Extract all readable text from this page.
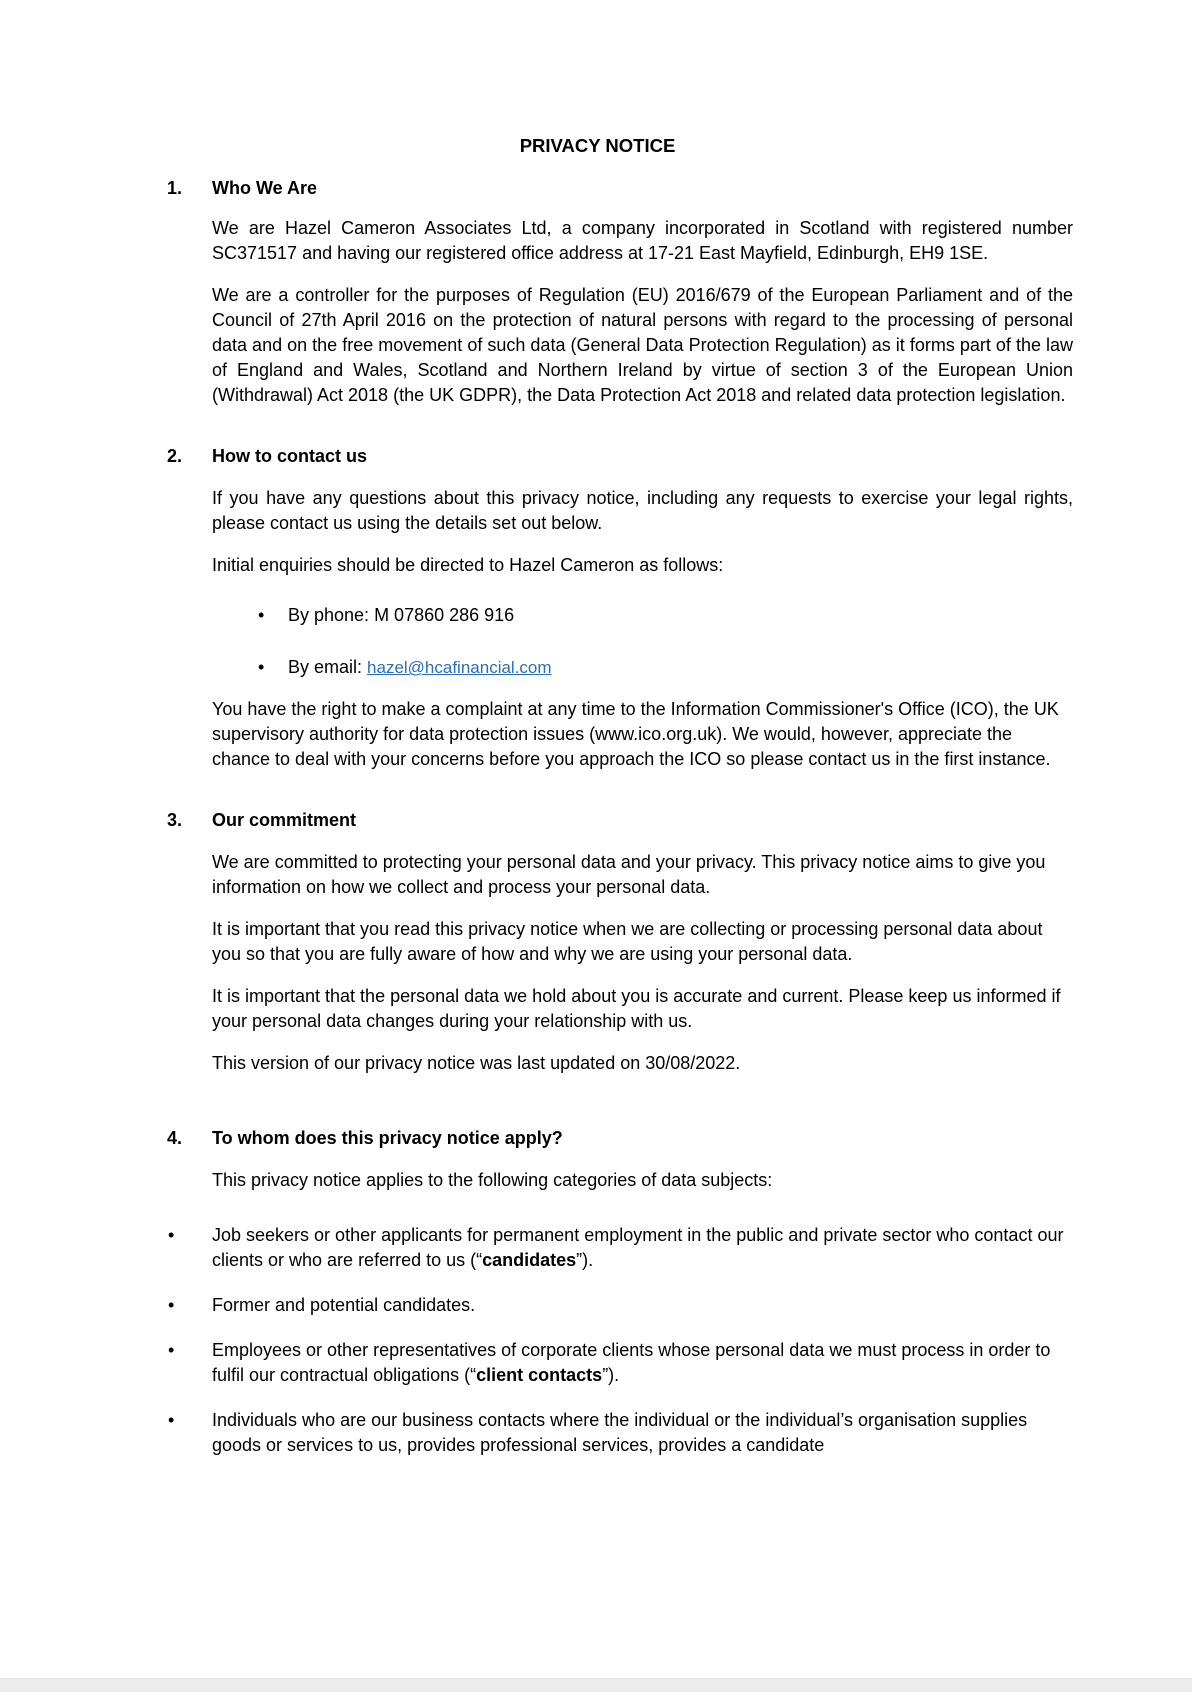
PRIVACY NOTICE
1. Who We Are

We are Hazel Cameron Associates Ltd, a company incorporated in Scotland with registered number SC371517 and having our registered office address at 17-21 East Mayfield, Edinburgh, EH9 1SE.

We are a controller for the purposes of Regulation (EU) 2016/679 of the European Parliament and of the Council of 27th April 2016 on the protection of natural persons with regard to the processing of personal data and on the free movement of such data (General Data Protection Regulation) as it forms part of the law of England and Wales, Scotland and Northern Ireland by virtue of section 3 of the European Union (Withdrawal) Act 2018 (the UK GDPR), the Data Protection Act 2018 and related data protection legislation.

2. How to contact us

If you have any questions about this privacy notice, including any requests to exercise your legal rights, please contact us using the details set out below.

Initial enquiries should be directed to Hazel Cameron as follows:

• By phone: M 07860 286 916
• By email: hazel@hcafinancial.com

You have the right to make a complaint at any time to the Information Commissioner's Office (ICO), the UK supervisory authority for data protection issues (www.ico.org.uk). We would, however, appreciate the chance to deal with your concerns before you approach the ICO so please contact us in the first instance.

3. Our commitment

We are committed to protecting your personal data and your privacy. This privacy notice aims to give you information on how we collect and process your personal data.

It is important that you read this privacy notice when we are collecting or processing personal data about you so that you are fully aware of how and why we are using your personal data.

It is important that the personal data we hold about you is accurate and current. Please keep us informed if your personal data changes during your relationship with us.

This version of our privacy notice was last updated on 30/08/2022.

4. To whom does this privacy notice apply?

This privacy notice applies to the following categories of data subjects:

• Job seekers or other applicants for permanent employment in the public and private sector who contact our clients or who are referred to us (“candidates”).
• Former and potential candidates.
• Employees or other representatives of corporate clients whose personal data we must process in order to fulfil our contractual obligations (“client contacts”).
• Individuals who are our business contacts where the individual or the individual’s organisation supplies goods or services to us, provides professional services, provides a candidate
